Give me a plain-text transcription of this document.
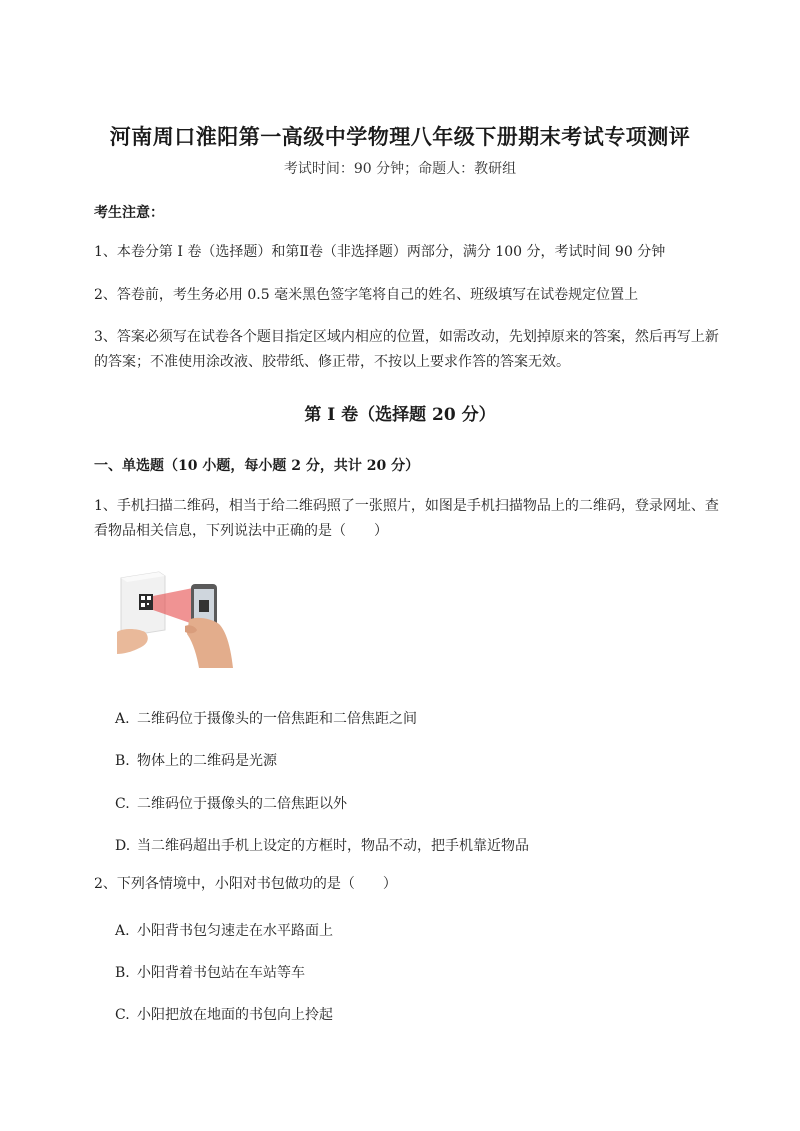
河南周口淮阳第一高级中学物理八年级下册期末考试专项测评
考试时间：90 分钟；命题人：教研组
考生注意：
1、本卷分第 I 卷（选择题）和第Ⅱ卷（非选择题）两部分，满分 100 分，考试时间 90 分钟
2、答卷前，考生务必用 0.5 毫米黑色签字笔将自己的姓名、班级填写在试卷规定位置上
3、答案必须写在试卷各个题目指定区域内相应的位置，如需改动，先划掉原来的答案，然后再写上新的答案；不准使用涂改液、胶带纸、修正带，不按以上要求作答的答案无效。
第 I 卷（选择题 20 分）
一、单选题（10 小题，每小题 2 分，共计 20 分）
1、手机扫描二维码，相当于给二维码照了一张照片，如图是手机扫描物品上的二维码，登录网址、查看物品相关信息，下列说法中正确的是（　　）
A. 二维码位于摄像头的一倍焦距和二倍焦距之间
B. 物体上的二维码是光源
C. 二维码位于摄像头的二倍焦距以外
D. 当二维码超出手机上设定的方框时，物品不动，把手机靠近物品
2、下列各情境中，小阳对书包做功的是（　　）
A. 小阳背书包匀速走在水平路面上
B. 小阳背着书包站在车站等车
C. 小阳把放在地面的书包向上拎起
